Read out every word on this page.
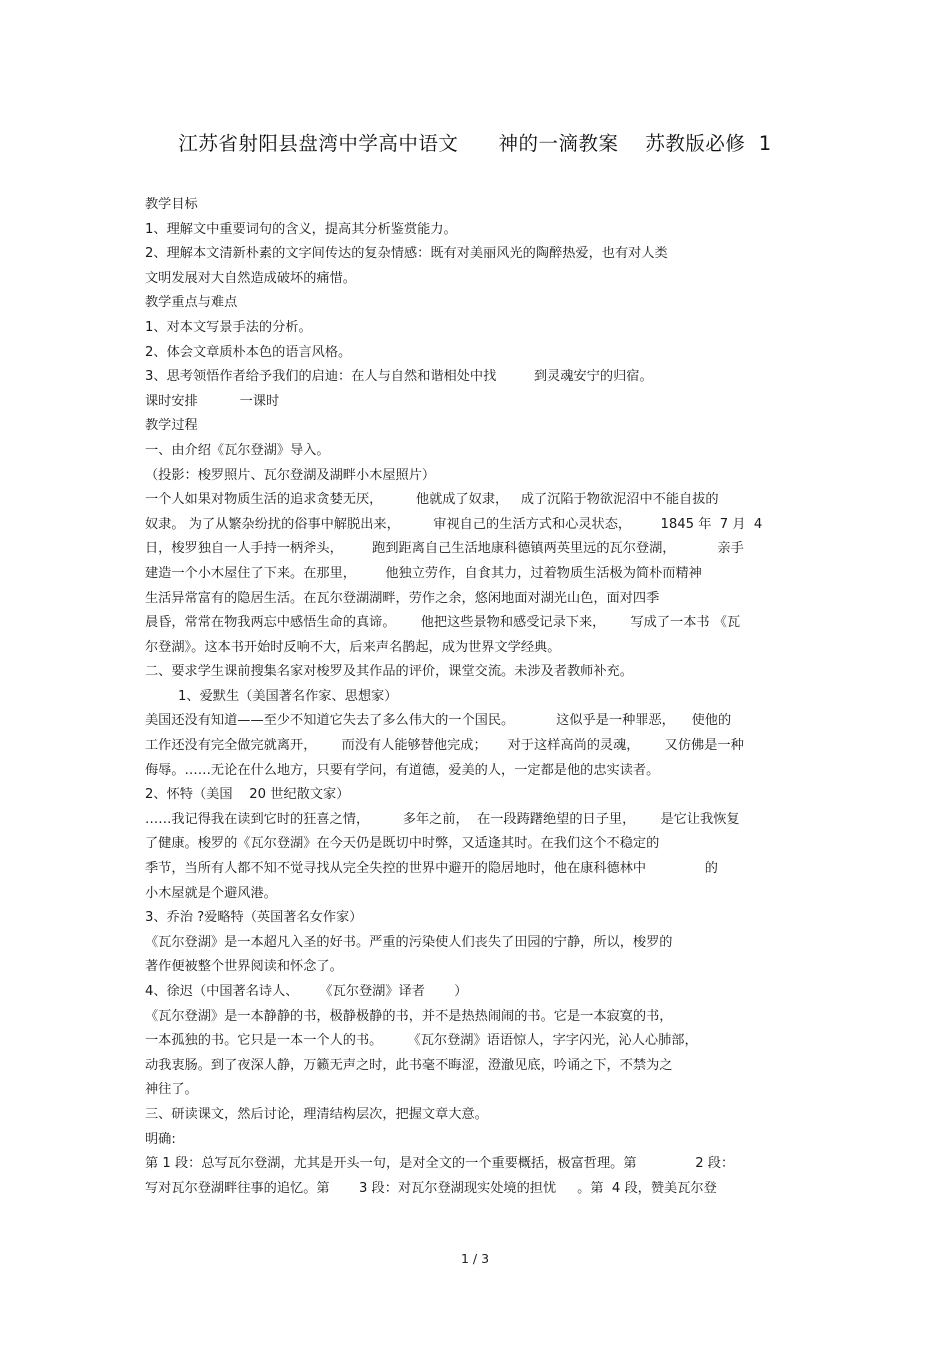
江苏省射阳县盘湾中学高中语文      神的一滴教案    苏教版必修  1
教学目标
1、理解文中重要词句的含义，提高其分析鉴赏能力。
2、理解本文清新朴素的文字间传达的复杂情感：既有对美丽风光的陶醉热爱，也有对人类
文明发展对大自然造成破坏的痛惜。
教学重点与难点
1、对本文写景手法的分析。
2、体会文章质朴本色的语言风格。
3、思考领悟作者给予我们的启迪：在人与自然和谐相处中找         到灵魂安宁的归宿。
课时安排          一课时
教学过程
一、由介绍《瓦尔登湖》导入。
（投影：梭罗照片、瓦尔登湖及湖畔小木屋照片）
一个人如果对物质生活的追求贪婪无厌，        他就成了奴隶，   成了沉陷于物欲泥沼中不能自拔的
奴隶。 为了从繁杂纷扰的俗事中解脱出来，        审视自己的生活方式和心灵状态，       1845 年  7 月  4
日，梭罗独自一人手持一柄斧头，       跑到距离自己生活地康科德镇两英里远的瓦尔登湖，          亲手
建造一个小木屋住了下来。在那里，       他独立劳作，自食其力，过着物质生活极为简朴而精神
生活异常富有的隐居生活。在瓦尔登湖湖畔，劳作之余，悠闲地面对湖光山色，面对四季
晨昏，常常在物我两忘中感悟生命的真谛。      他把这些景物和感受记录下来，      写成了一本书 《瓦
尔登湖》。这本书开始时反响不大，后来声名鹊起，成为世界文学经典。
二、要求学生课前搜集名家对梭罗及其作品的评价，课堂交流。未涉及者教师补充。
1、爱默生（美国著名作家、思想家）
美国还没有知道——至少不知道它失去了多么伟大的一个国民。          这似乎是一种罪恶，    使他的
工作还没有完全做完就离开，      而没有人能够替他完成；     对于这样高尚的灵魂，      又仿佛是一种
侮辱。……无论在什么地方，只要有学问，有道德，爱美的人，一定都是他的忠实读者。
2、怀特（美国    20 世纪散文家）
……我记得我在读到它时的狂喜之情，        多年之前，  在一段踌躇绝望的日子里，      是它让我恢复
了健康。梭罗的《瓦尔登湖》在今天仍是既切中时弊，又适逢其时。在我们这个不稳定的
季节，当所有人都不知不觉寻找从完全失控的世界中避开的隐居地时，他在康科德林中              的
小木屋就是个避风港。
3、乔治 ?爱略特（英国著名女作家）
《瓦尔登湖》是一本超凡入圣的好书。严重的污染使人们丧失了田园的宁静，所以，梭罗的
著作便被整个世界阅读和怀念了。
4、徐迟（中国著名诗人、     《瓦尔登湖》译者       ）
《瓦尔登湖》是一本静静的书，极静极静的书，并不是热热闹闹的书。它是一本寂寞的书，
一本孤独的书。它只是一本一个人的书。      《瓦尔登湖》语语惊人，字字闪光，沁人心肺部，
动我衷肠。到了夜深人静，万籁无声之时，此书毫不晦涩，澄澈见底，吟诵之下，不禁为之
神往了。
三、研读课文，然后讨论，理清结构层次，把握文章大意。
明确:
第 1 段：总写瓦尔登湖，尤其是开头一句，是对全文的一个重要概括，极富哲理。第              2 段：
写对瓦尔登湖畔往事的追忆。第       3 段：对瓦尔登湖现实处境的担忧     。第  4 段，赞美瓦尔登
1 / 3
